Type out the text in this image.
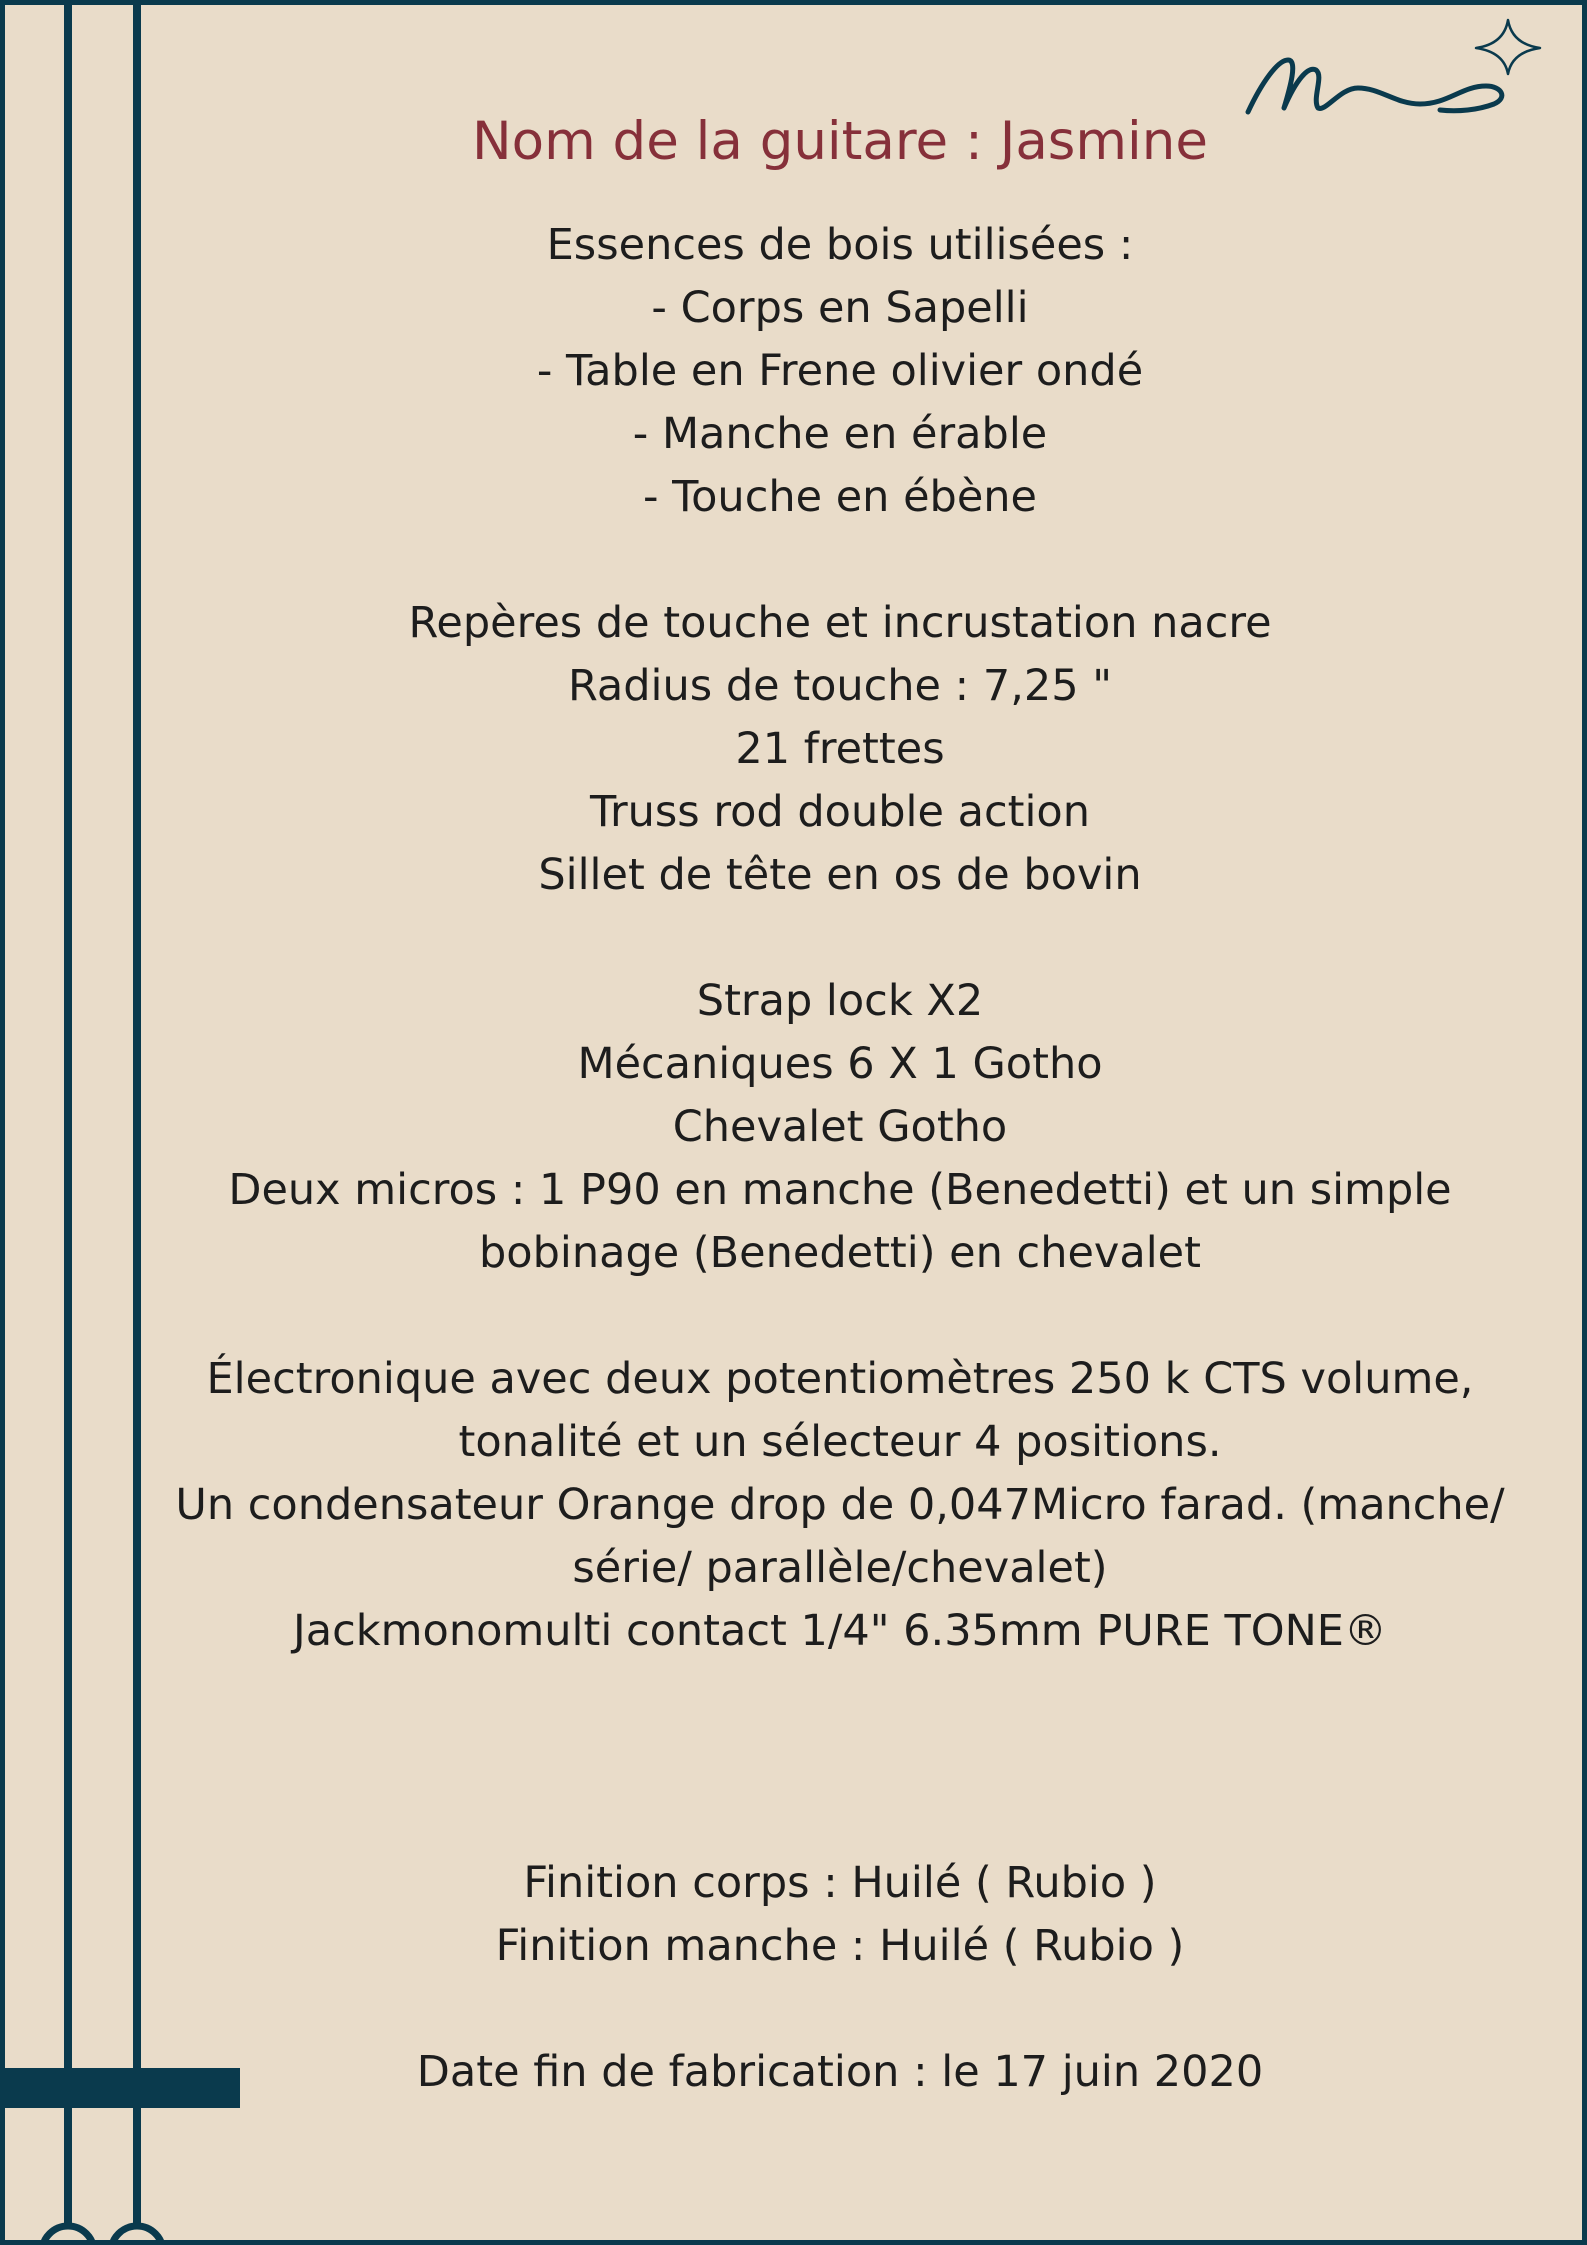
Nom de la guitare : Jasmine
Essences de bois utilisées :
- Corps en Sapelli
- Table en Frene olivier ondé
- Manche en érable
- Touche en ébène
Repères de touche et incrustation nacre
Radius de touche : 7,25 "
21 frettes
Truss rod double action
Sillet de tête en os de bovin
Strap lock X2
Mécaniques 6 X 1 Gotho
Chevalet Gotho
Deux micros : 1 P90 en manche (Benedetti) et un simple
bobinage (Benedetti) en chevalet
Électronique avec deux potentiomètres 250 k CTS volume,
tonalité et un sélecteur 4 positions.
Un condensateur Orange drop de 0,047Micro farad. (manche/
série/ parallèle/chevalet)
Jackmonomulti contact 1/4" 6.35mm PURE TONE®
Finition corps : Huilé ( Rubio )
Finition manche : Huilé ( Rubio )
Date fin de fabrication : le 17 juin 2020
